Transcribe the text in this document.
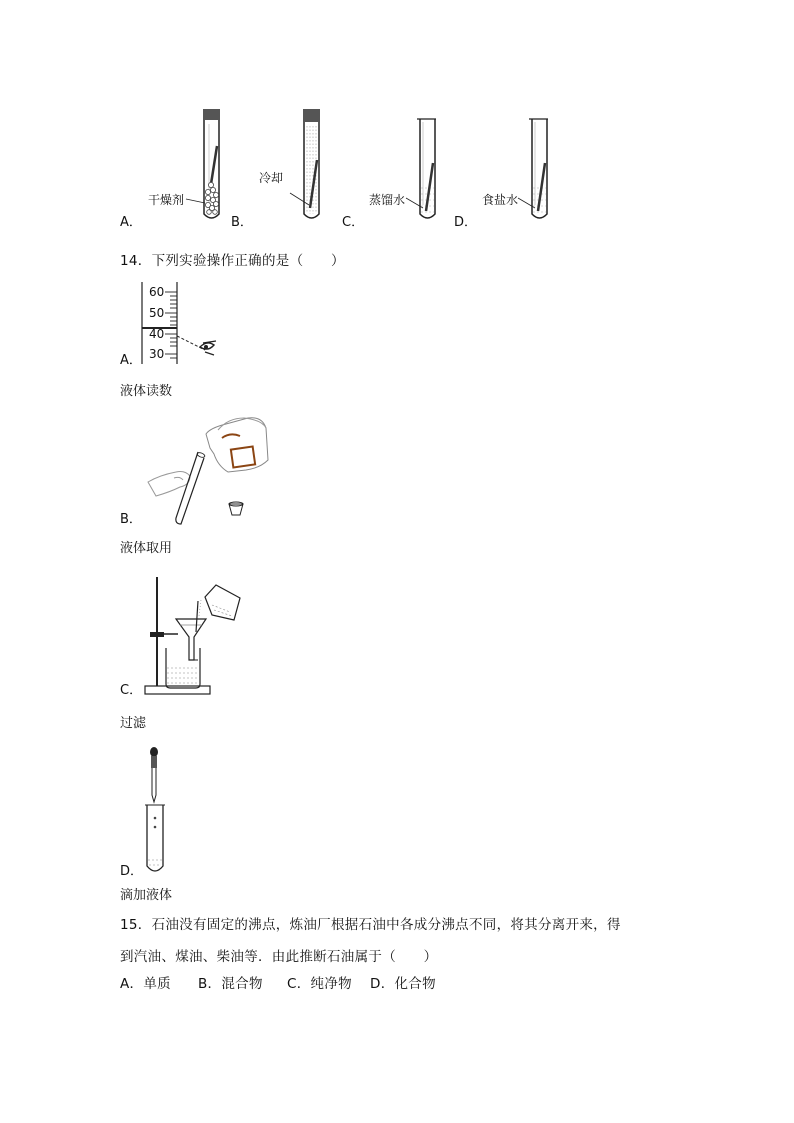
干燥剂
冷却
蒸馏水	食盐水
A．	B．	C．	D．
14．下列实验操作正确的是（　　）
60
50
40
30
A．
液体读数
B．
液体取用
C．
过滤
D．
滴加液体
15．石油没有固定的沸点，炼油厂根据石油中各成分沸点不同，将其分离开来，得
到汽油、煤油、柴油等．由此推断石油属于（　　）
A．单质 B．混合物 C．纯净物 D．化合物
